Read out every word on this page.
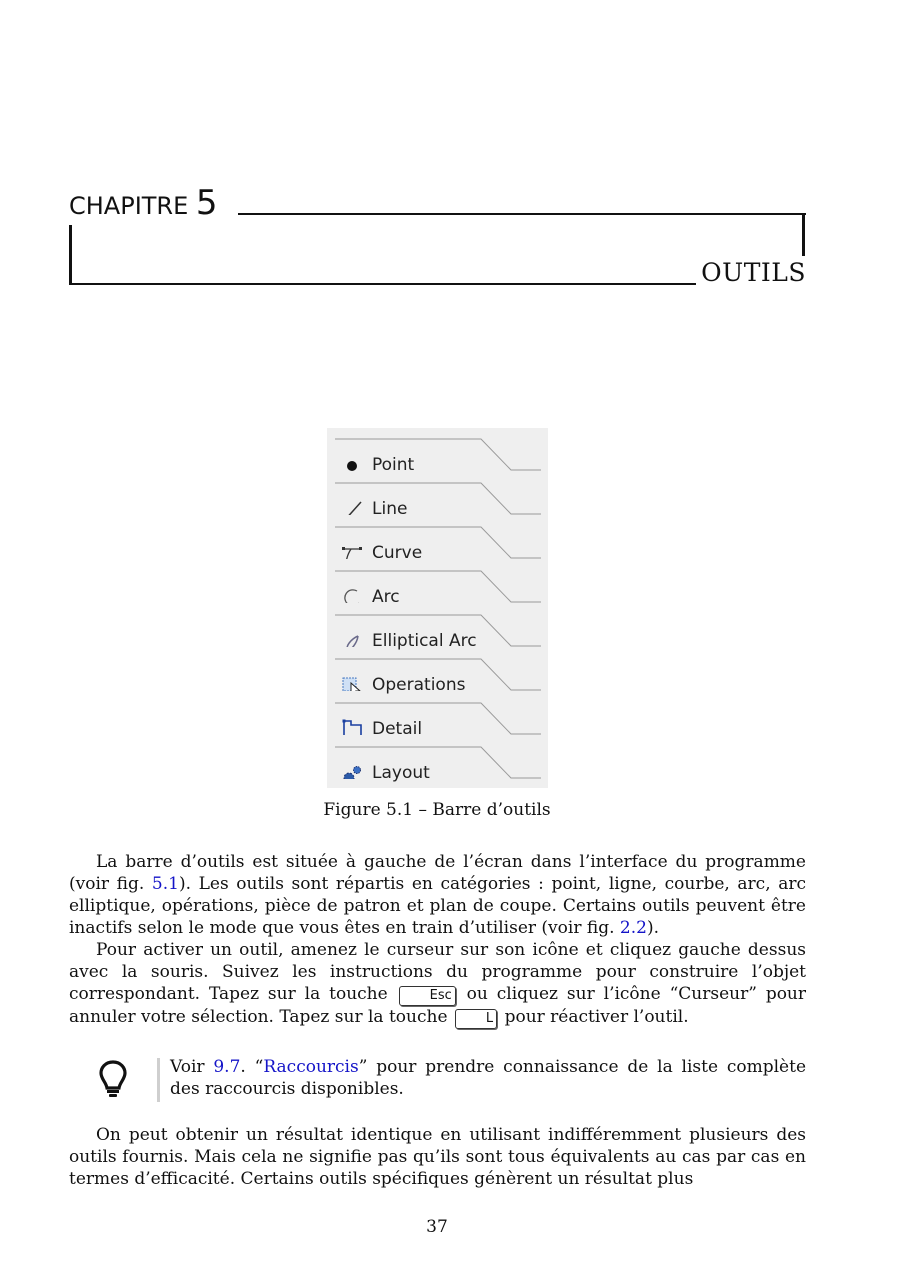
CHAPITRE 5
OUTILS
Point
Line
Curve
Arc
Elliptical Arc
Operations
Detail
Layout
Figure 5.1 – Barre d’outils

La barre d’outils est située à gauche de l’écran dans l’interface du programme (voir fig. 5.1). Les outils sont répartis en catégories : point, ligne, courbe, arc, arc elliptique, opérations, pièce de patron et plan de coupe. Certains outils peuvent être inactifs selon le mode que vous êtes en train d’utiliser (voir fig. 2.2).

Pour activer un outil, amenez le curseur sur son icône et cliquez gauche dessus avec la souris. Suivez les instructions du programme pour construire l’objet correspondant. Tapez sur la touche	Esc ou cliquez sur l’icône “Curseur” pour annuler votre sélection. Tapez sur la touche	L pour réactiver l’outil.

Voir 9.7. “Raccourcis” pour prendre connaissance de la liste complète des raccourcis disponibles.

On peut obtenir un résultat identique en utilisant indifféremment plusieurs des outils fournis. Mais cela ne signifie pas qu’ils sont tous équivalents au cas par cas en termes d’efficacité. Certains outils spécifiques génèrent un résultat plus

37
